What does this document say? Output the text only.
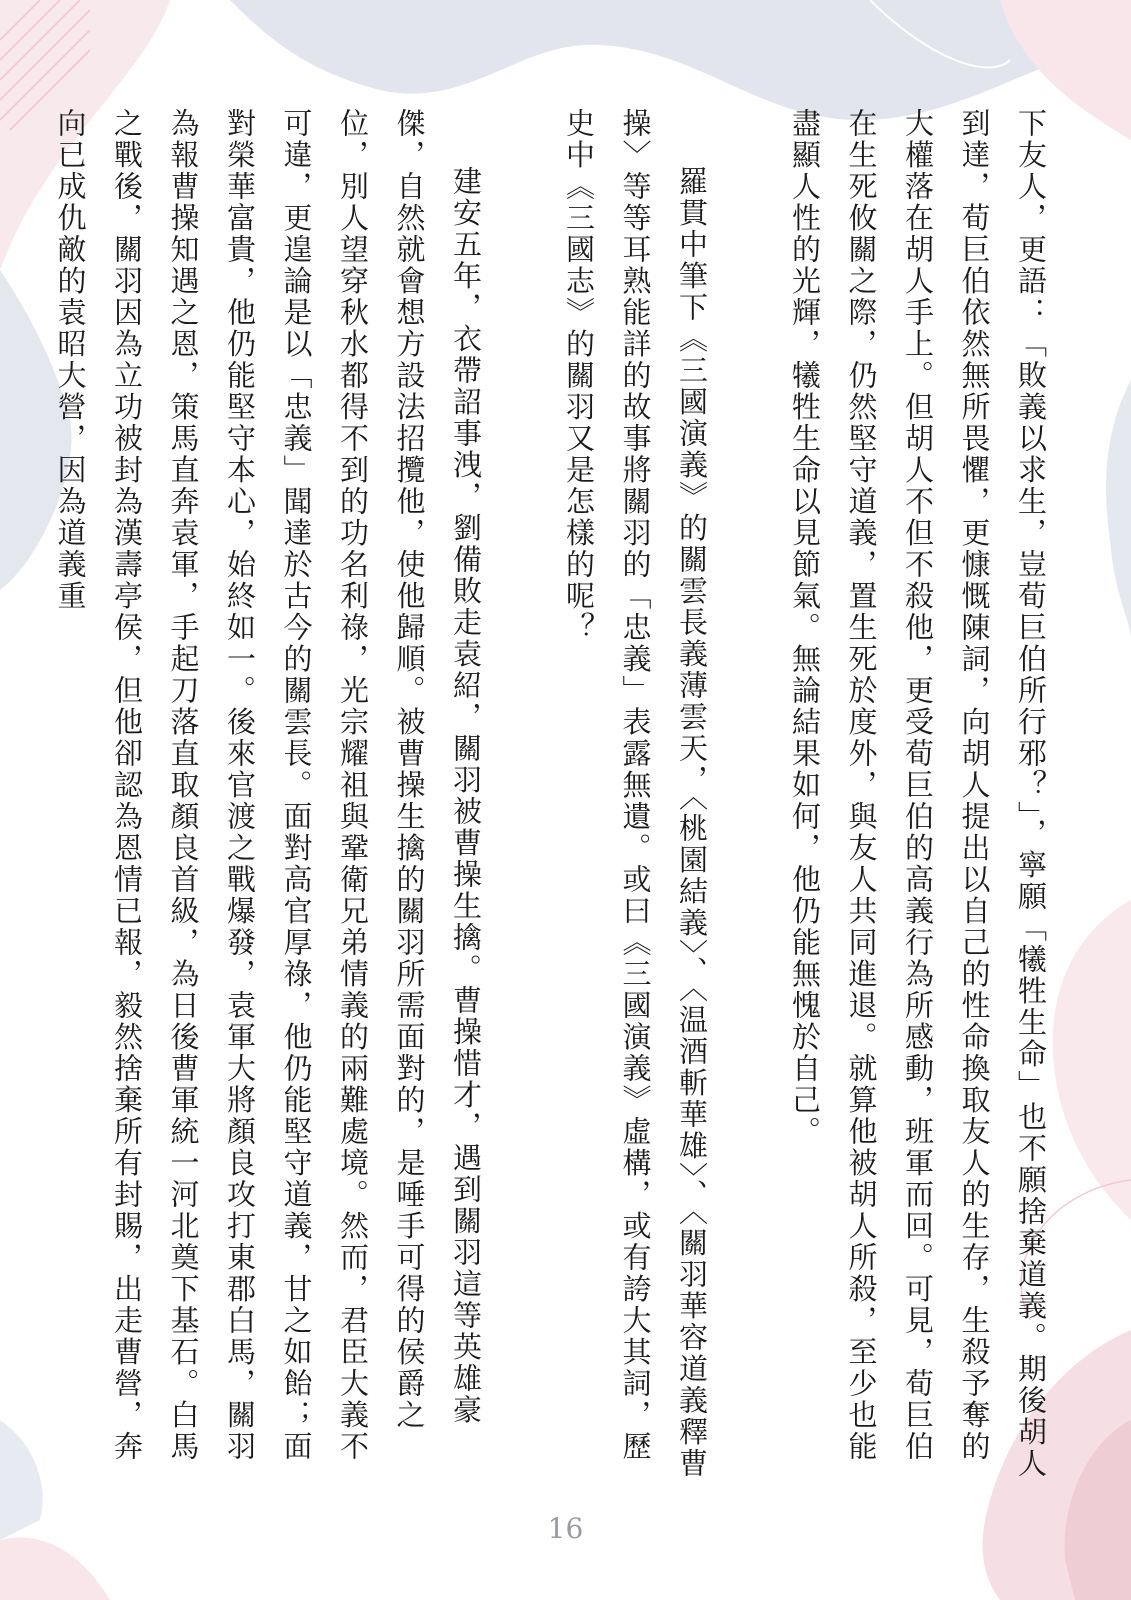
下友人，更語：「敗義以求生，豈荀巨伯所行邪？」，寧願「犧牲生命」也不願捨棄道義。期後胡人到達，荀巨伯依然無所畏懼，更慷慨陳詞，向胡人提出以自己的性命換取友人的生存，生殺予奪的大權落在胡人手上。但胡人不但不殺他，更受荀巨伯的高義行為所感動，班軍而回。可見，荀巨伯在生死攸關之際，仍然堅守道義，置生死於度外，與友人共同進退。就算他被胡人所殺，至少也能盡顯人性的光輝，犧牲生命以見節氣。無論結果如何，他仍能無愧於自己。

羅貫中筆下《三國演義》的關雲長義薄雲天，〈桃園結義〉、〈温酒斬華雄〉、〈關羽華容道義釋曹操〉等等耳熟能詳的故事將關羽的「忠義」表露無遺。或曰《三國演義》虛構，或有誇大其詞，歷史中《三國志》的關羽又是怎樣的呢？

建安五年，衣帶詔事洩，劉備敗走袁紹，關羽被曹操生擒。曹操惜才，遇到關羽這等英雄豪傑，自然就會想方設法招攬他，使他歸順。被曹操生擒的關羽所需面對的，是唾手可得的侯爵之位，別人望穿秋水都得不到的功名利祿，光宗耀祖與鞏衛兄弟情義的兩難處境。然而，君臣大義不可違，更遑論是以「忠義」聞達於古今的關雲長。面對高官厚祿，他仍能堅守道義，甘之如飴；面對榮華富貴，他仍能堅守本心，始終如一。後來官渡之戰爆發，袁軍大將顏良攻打東郡白馬，關羽為報曹操知遇之恩，策馬直奔袁軍，手起刀落直取顏良首級，為日後曹軍統一河北奠下基石。白馬之戰後，關羽因為立功被封為漢壽亭侯，但他卻認為恩情已報，毅然捨棄所有封賜，出走曹營，奔向已成仇敵的袁昭大營，因為道義重

16
